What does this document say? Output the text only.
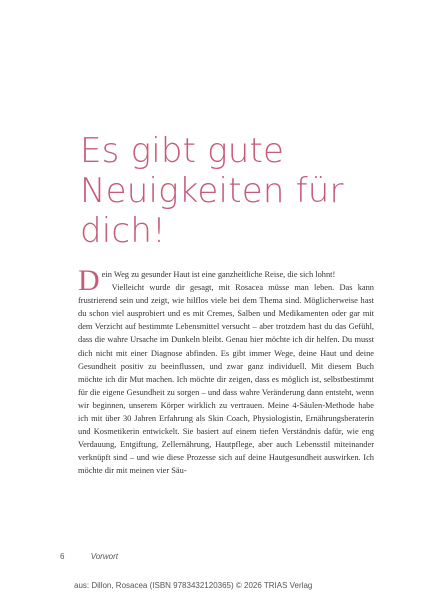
Es gibt gute
Neuigkeiten für
dich!

Dein Weg zu gesunder Haut ist eine ganzheitliche Reise, die sich lohnt!

Vielleicht wurde dir gesagt, mit Rosacea müsse man leben. Das kann frustrierend sein und zeigt, wie hilflos viele bei dem Thema sind. Möglicherweise hast du schon viel ausprobiert und es mit Cremes, Salben und Medikamenten oder gar mit dem Verzicht auf bestimmte Lebensmittel versucht – aber trotzdem hast du das Gefühl, dass die wahre Ursache im Dunkeln bleibt. Genau hier möchte ich dir helfen. Du musst dich nicht mit einer Diagnose abfinden. Es gibt immer Wege, deine Haut und deine Gesundheit positiv zu beeinflussen, und zwar ganz individuell. Mit diesem Buch möchte ich dir Mut machen. Ich möchte dir zeigen, dass es möglich ist, selbstbestimmt für die eigene Gesundheit zu sorgen – und dass wahre Veränderung dann entsteht, wenn wir beginnen, unserem Körper wirklich zu vertrauen. Meine 4-Säulen-Methode habe ich mit über 30 Jahren Erfahrung als Skin Coach, Physiologistin, Ernährungsberaterin und Kosmetikerin entwickelt. Sie basiert auf einem tiefen Verständnis dafür, wie eng Verdauung, Entgiftung, Zellernährung, Hautpflege, aber auch Lebensstil miteinander verknüpft sind – und wie diese Prozesse sich auf deine Hautgesundheit auswirken. Ich möchte dir mit meinen vier Säu-

6	Vorwort
aus: Dillon, Rosacea (ISBN 9783432120365) © 2026 TRIAS Verlag
